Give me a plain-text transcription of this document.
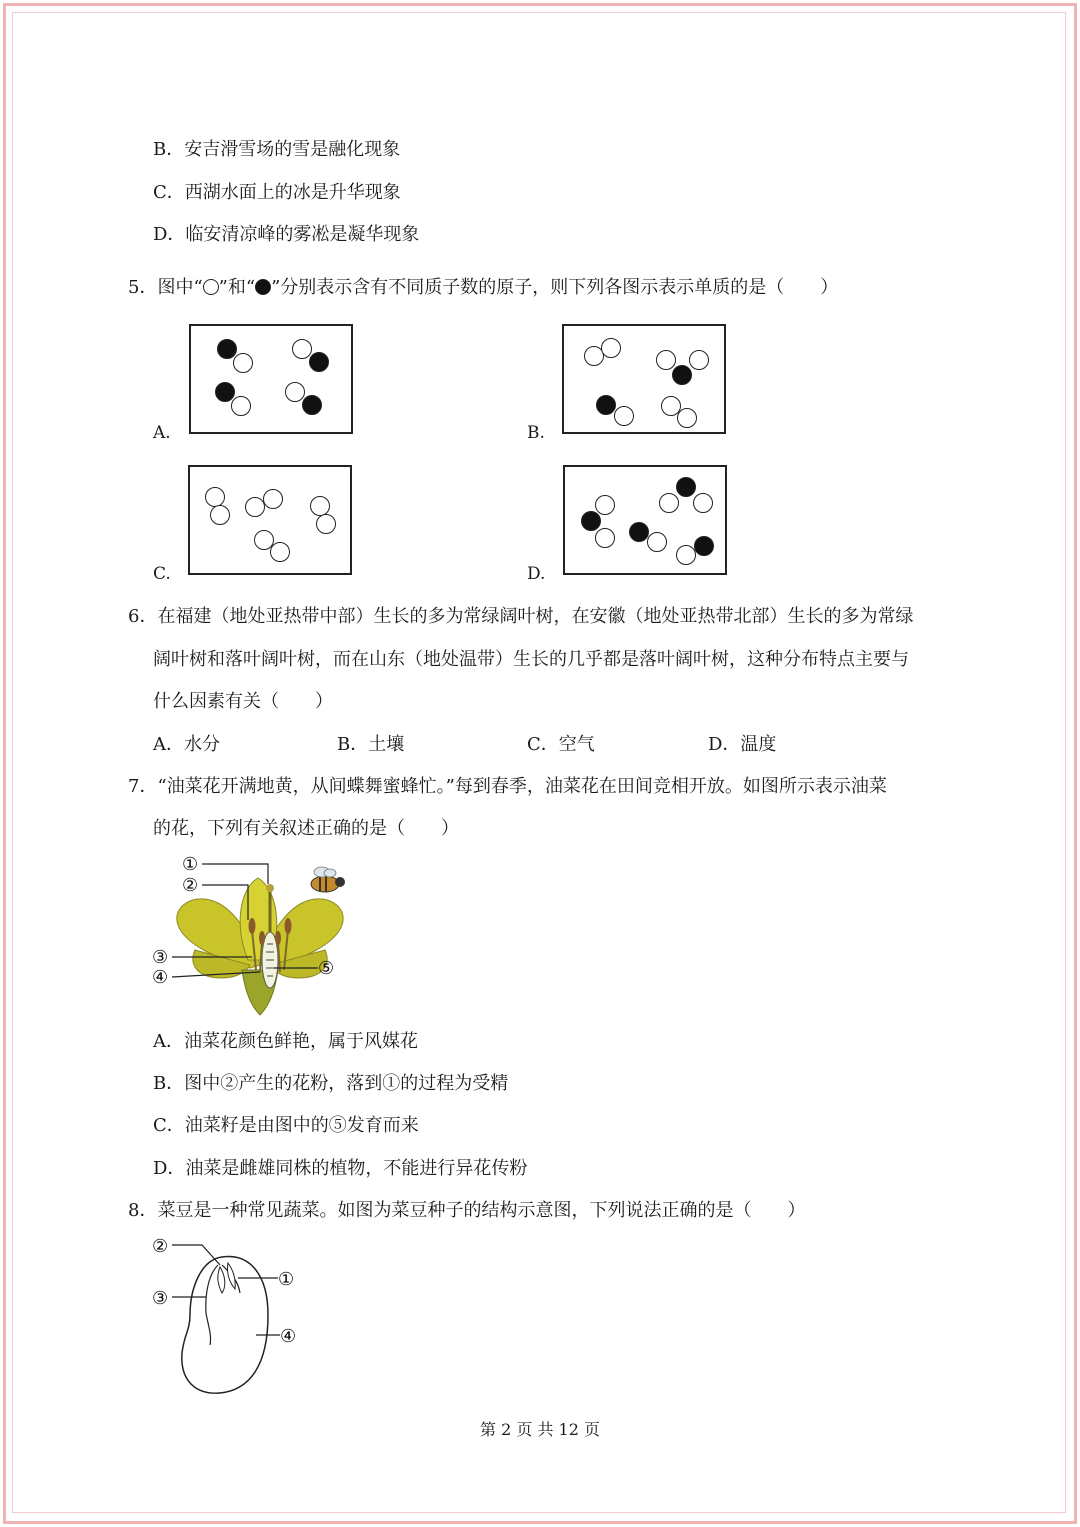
B．安吉滑雪场的雪是融化现象
C．西湖水面上的冰是升华现象
D．临安清凉峰的雾凇是凝华现象
5．图中“ ”和“ ”分别表示含有不同质子数的原子，则下列各图示表示单质的是（　　）
A.	B.
C.	D.
6．在福建（地处亚热带中部）生长的多为常绿阔叶树，在安徽（地处亚热带北部）生长的多为常绿
阔叶树和落叶阔叶树，而在山东（地处温带）生长的几乎都是落叶阔叶树，这种分布特点主要与
什么因素有关（　　）
A．水分	B．土壤	C．空气	D．温度
7．“油菜花开满地黄，从间蝶舞蜜蜂忙。”每到春季，油菜花在田间竞相开放。如图所示表示油菜
的花，下列有关叙述正确的是（　　）
①
②
③
④	⑤
A．油菜花颜色鲜艳，属于风媒花
B．图中②产生的花粉，落到①的过程为受精
C．油菜籽是由图中的⑤发育而来
D．油菜是雌雄同株的植物，不能进行异花传粉
8．菜豆是一种常见蔬菜。如图为菜豆种子的结构示意图，下列说法正确的是（　　）
②
①
③
④
第 2 页 共 12 页
